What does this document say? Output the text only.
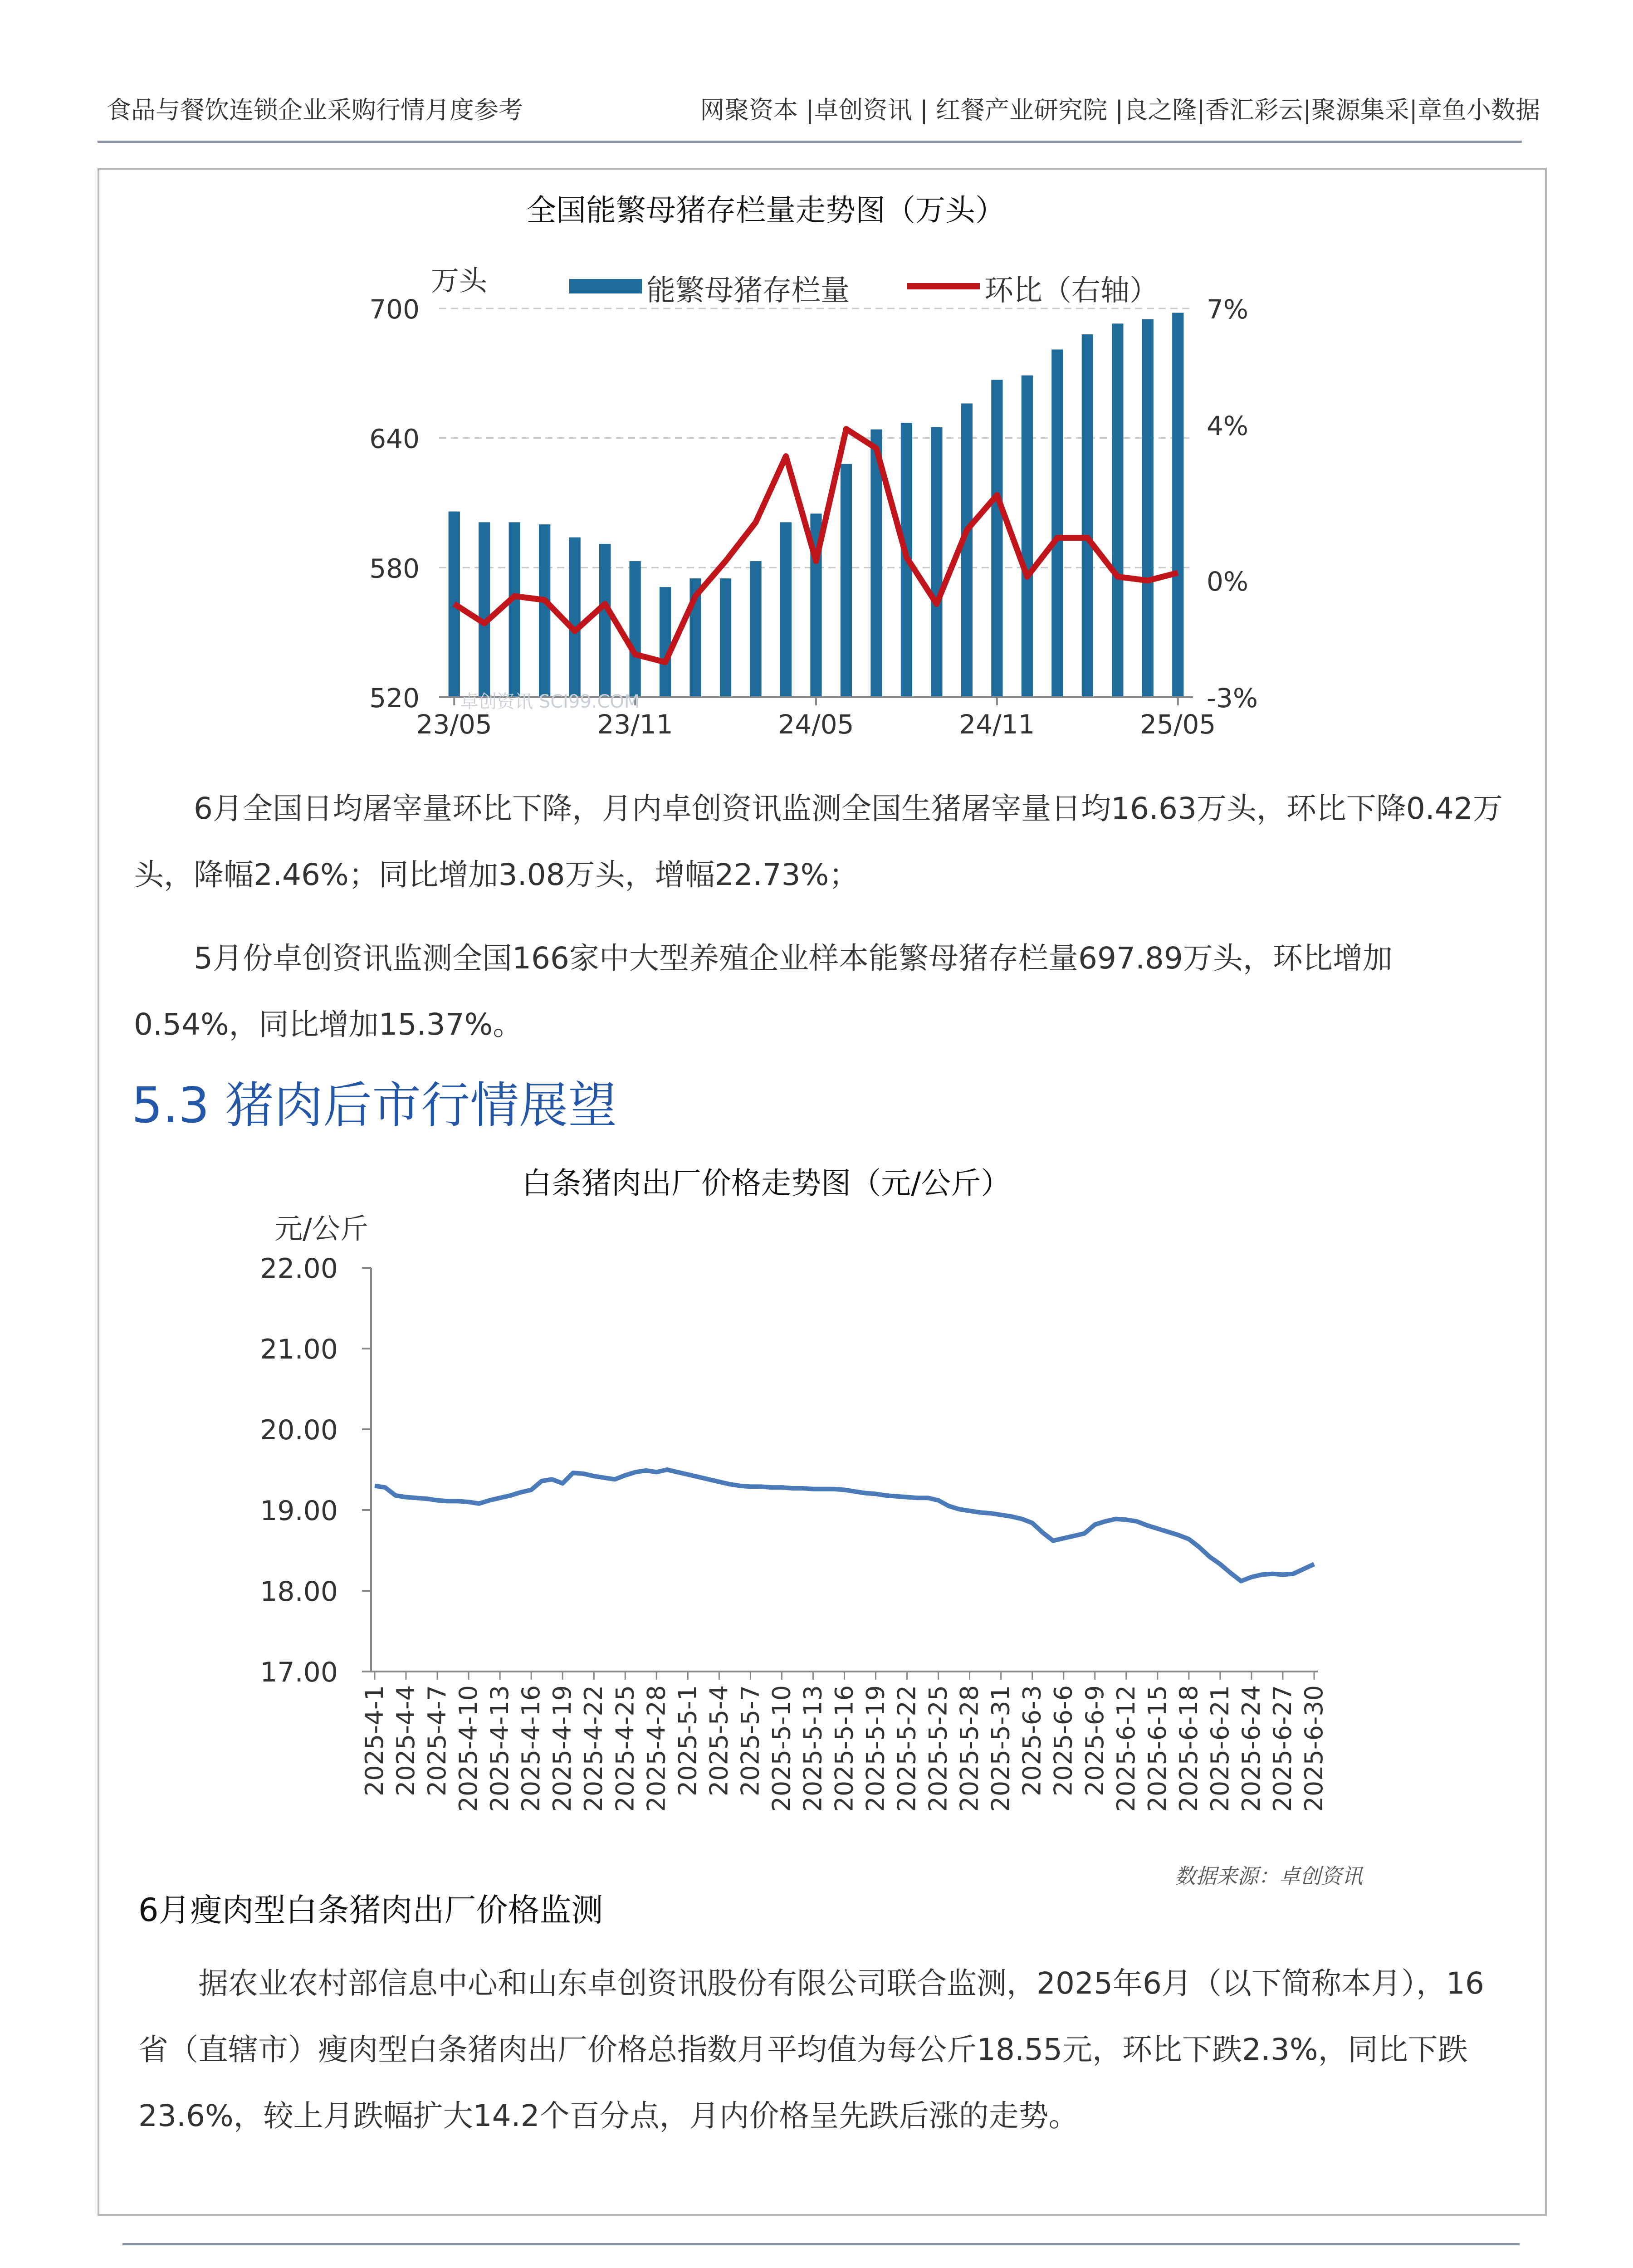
食品与餐饮连锁企业采购行情月度参考	网聚资本 |卓创资讯 | 红餐产业研究院 |良之隆|香汇彩云|聚源集采|章鱼小数据
全国能繁母猪存栏量走势图（万头）
520
580
640
700
-3%
0%
4%
7%
23/05	23/11	24/05	24/11	25/05
卓创资讯 SCI99.COM
万头	能繁母猪存栏量	环比（右轴）

6月全国日均屠宰量环比下降，月内卓创资讯监测全国生猪屠宰量日均16.63万头，环比下降0.42万头，降幅2.46%；同比增加3.08万头，增幅22.73%；

5月份卓创资讯监测全国166家中大型养殖企业样本能繁母猪存栏量697.89万头，环比增加0.54%，同比增加15.37%。

5.3 猪肉后市行情展望
白条猪肉出厂价格走势图（元/公斤）
17.00
18.00
19.00
20.00
21.00
22.00
2025-4-1 2025-4-4 2025-4-7 2025-4-10 2025-4-13 2025-4-16 2025-4-19 2025-4-22 2025-4-25 2025-4-28 2025-5-1 2025-5-4 2025-5-7 2025-5-10 2025-5-13 2025-5-16 2025-5-19 2025-5-22 2025-5-25 2025-5-28 2025-5-31 2025-6-3 2025-6-6 2025-6-9 2025-6-12 2025-6-15 2025-6-18 2025-6-21 2025-6-24 2025-6-27 2025-6-30
元/公斤
数据来源：卓创资讯
6月瘦肉型白条猪肉出厂价格监测

据农业农村部信息中心和山东卓创资讯股份有限公司联合监测，2025年6月（以下简称本月），16省（直辖市）瘦肉型白条猪肉出厂价格总指数月平均值为每公斤18.55元，环比下跌2.3%，同比下跌23.6%，较上月跌幅扩大14.2个百分点，月内价格呈先跌后涨的走势。
